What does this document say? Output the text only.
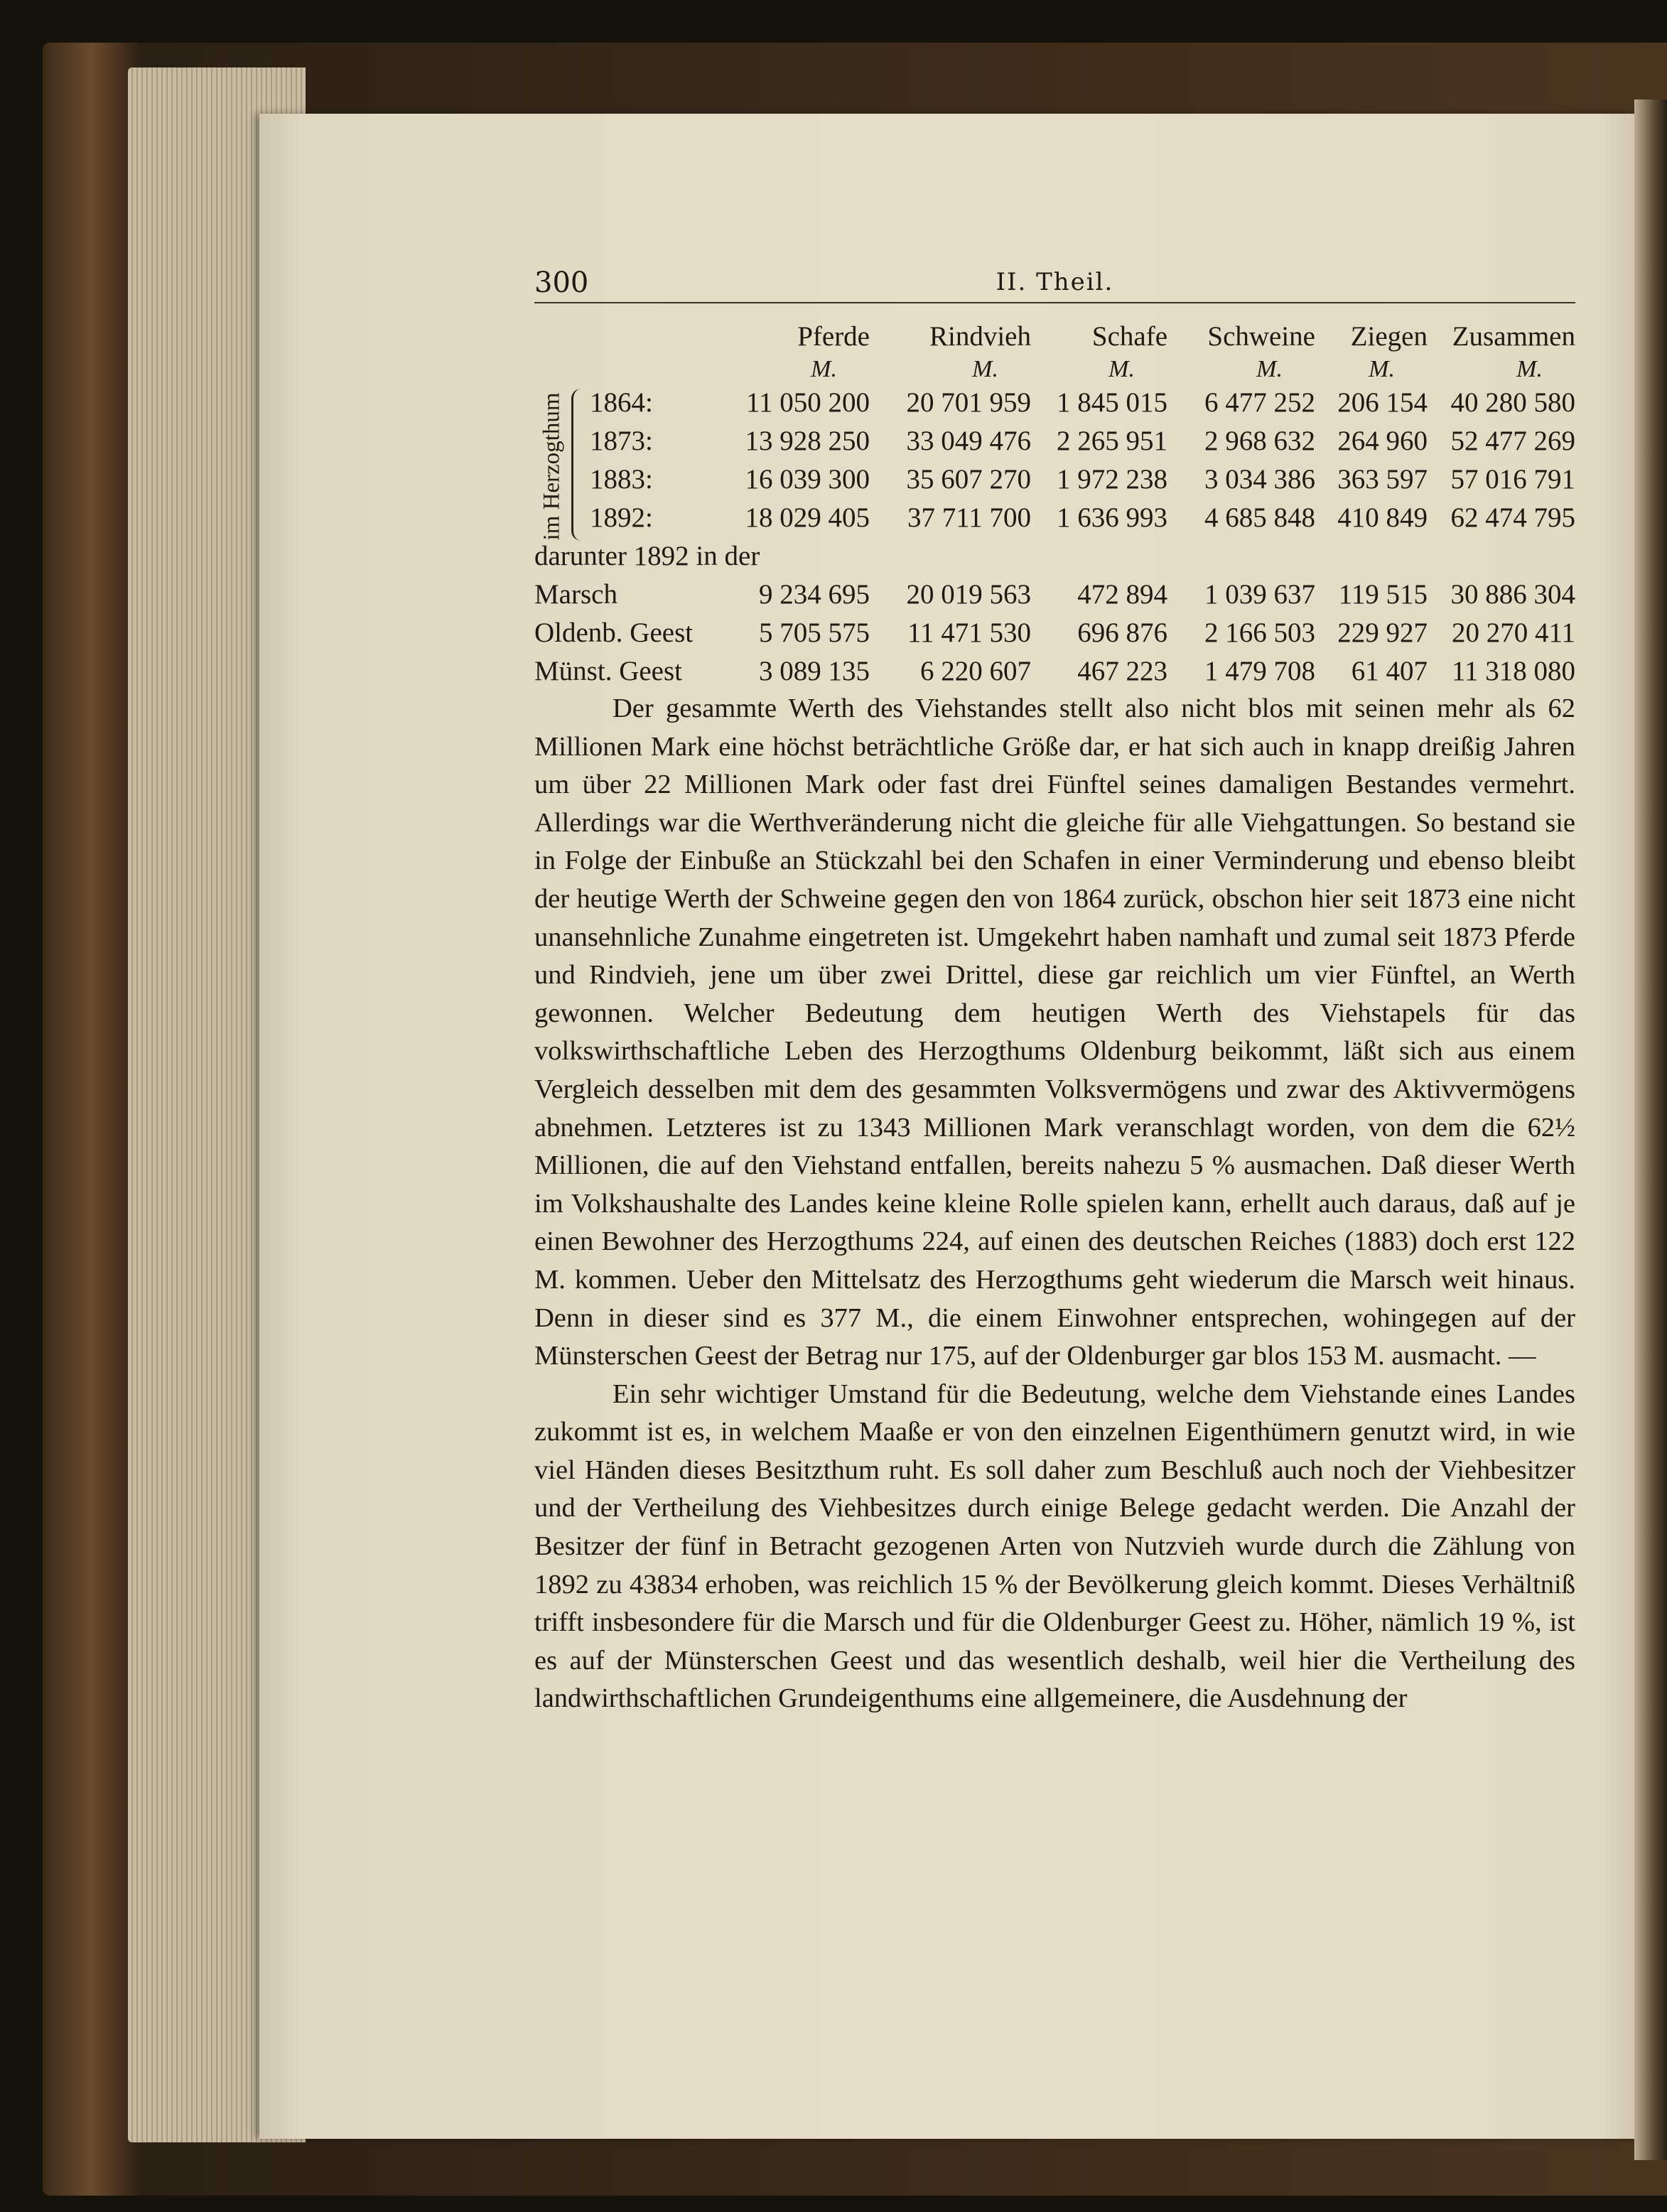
300	II. Theil.
	Pferde	Rindvieh	Schafe	Schweine	Ziegen	Zusammen
	M.	M.	M.	M.	M.	M.

im Herzogthum 1864:	11 050 200	20 701 959	1 845 015	6 477 252	206 154	40 280 580
1873:	13 928 250	33 049 476	2 265 951	2 968 632	264 960	52 477 269
1883:	16 039 300	35 607 270	1 972 238	3 034 386	363 597	57 016 791
1892:	18 029 405	37 711 700	1 636 993	4 685 848	410 849	62 474 795
darunter 1892 in der						
Marsch	9 234 695	20 019 563	472 894	1 039 637	119 515	30 886 304
Oldenb. Geest	5 705 575	11 471 530	696 876	2 166 503	229 927	20 270 411
Münst. Geest	3 089 135	6 220 607	467 223	1 479 708	61 407	11 318 080

Der gesammte Werth des Viehstandes stellt also nicht blos mit seinen mehr als 62 Millionen Mark eine höchst beträchtliche Größe dar, er hat sich auch in knapp dreißig Jahren um über 22 Millionen Mark oder fast drei Fünftel seines damaligen Bestandes vermehrt. Allerdings war die Werthveränderung nicht die gleiche für alle Viehgattungen. So bestand sie in Folge der Einbuße an Stückzahl bei den Schafen in einer Verminderung und ebenso bleibt der heutige Werth der Schweine gegen den von 1864 zurück, obschon hier seit 1873 eine nicht unansehnliche Zunahme eingetreten ist. Umgekehrt haben namhaft und zumal seit 1873 Pferde und Rindvieh, jene um über zwei Drittel, diese gar reichlich um vier Fünftel, an Werth gewonnen. Welcher Bedeutung dem heutigen Werth des Viehstapels für das volkswirthschaftliche Leben des Herzogthums Oldenburg beikommt, läßt sich aus einem Vergleich desselben mit dem des gesammten Volksvermögens und zwar des Aktivvermögens abnehmen. Letzteres ist zu 1343 Millionen Mark veranschlagt worden, von dem die 62½ Millionen, die auf den Viehstand entfallen, bereits nahezu 5 % ausmachen. Daß dieser Werth im Volkshaushalte des Landes keine kleine Rolle spielen kann, erhellt auch daraus, daß auf je einen Bewohner des Herzogthums 224, auf einen des deutschen Reiches (1883) doch erst 122 M. kommen. Ueber den Mittelsatz des Herzogthums geht wiederum die Marsch weit hinaus. Denn in dieser sind es 377 M., die einem Einwohner entsprechen, wohingegen auf der Münsterschen Geest der Betrag nur 175, auf der Oldenburger gar blos 153 M. ausmacht. —

Ein sehr wichtiger Umstand für die Bedeutung, welche dem Viehstande eines Landes zukommt ist es, in welchem Maaße er von den einzelnen Eigenthümern genutzt wird, in wie viel Händen dieses Besitzthum ruht. Es soll daher zum Beschluß auch noch der Viehbesitzer und der Vertheilung des Viehbesitzes durch einige Belege gedacht werden. Die Anzahl der Besitzer der fünf in Betracht gezogenen Arten von Nutzvieh wurde durch die Zählung von 1892 zu 43834 erhoben, was reichlich 15 % der Bevölkerung gleich kommt. Dieses Verhältniß trifft insbesondere für die Marsch und für die Oldenburger Geest zu. Höher, nämlich 19 %, ist es auf der Münsterschen Geest und das wesentlich deshalb, weil hier die Vertheilung des landwirthschaftlichen Grundeigenthums eine allgemeinere, die Ausdehnung der
